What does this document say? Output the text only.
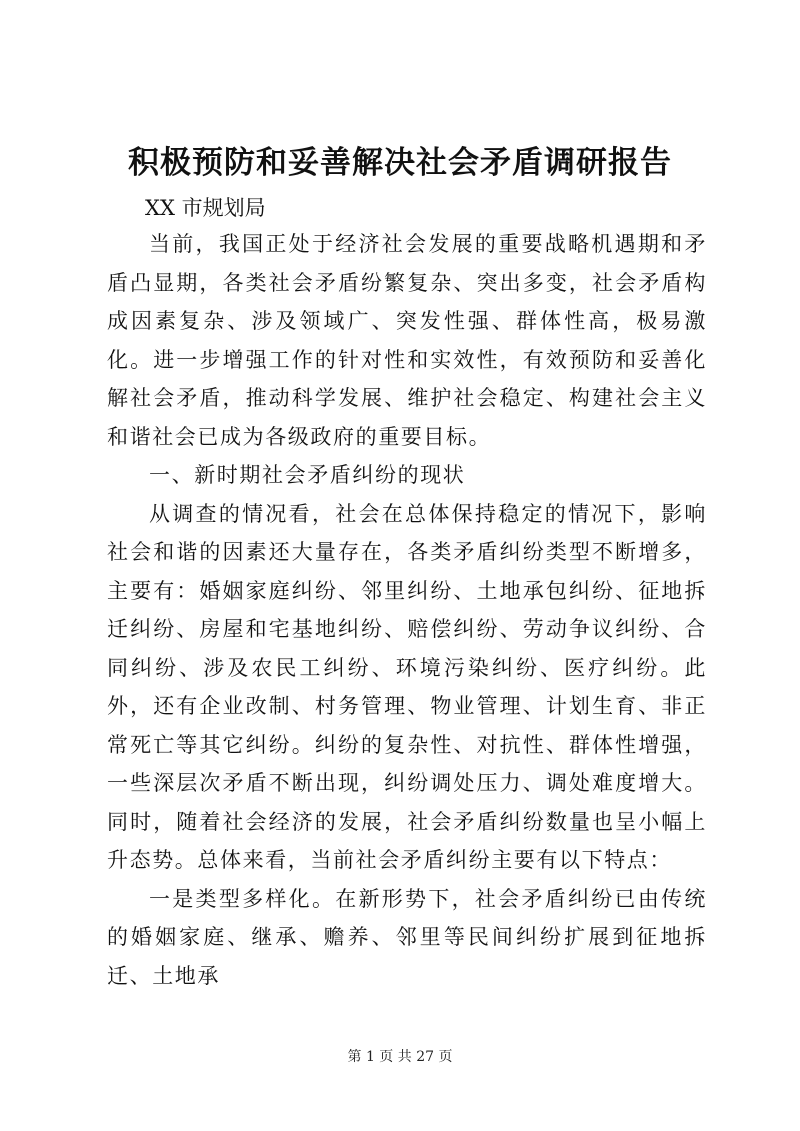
积极预防和妥善解决社会矛盾调研报告
XX 市规划局

当前，我国正处于经济社会发展的重要战略机遇期和矛盾凸显期，各类社会矛盾纷繁复杂、突出多变，社会矛盾构成因素复杂、涉及领域广、突发性强、群体性高，极易激化。进一步增强工作的针对性和实效性，有效预防和妥善化解社会矛盾，推动科学发展、维护社会稳定、构建社会主义和谐社会已成为各级政府的重要目标。

一、新时期社会矛盾纠纷的现状

从调查的情况看，社会在总体保持稳定的情况下，影响社会和谐的因素还大量存在，各类矛盾纠纷类型不断增多，主要有：婚姻家庭纠纷、邻里纠纷、土地承包纠纷、征地拆迁纠纷、房屋和宅基地纠纷、赔偿纠纷、劳动争议纠纷、合同纠纷、涉及农民工纠纷、环境污染纠纷、医疗纠纷。此外，还有企业改制、村务管理、物业管理、计划生育、非正常死亡等其它纠纷。纠纷的复杂性、对抗性、群体性增强，一些深层次矛盾不断出现，纠纷调处压力、调处难度增大。同时，随着社会经济的发展，社会矛盾纠纷数量也呈小幅上升态势。总体来看，当前社会矛盾纠纷主要有以下特点：

一是类型多样化。在新形势下，社会矛盾纠纷已由传统的婚姻家庭、继承、赡养、邻里等民间纠纷扩展到征地拆迁、土地承

第 1 页 共 27 页
